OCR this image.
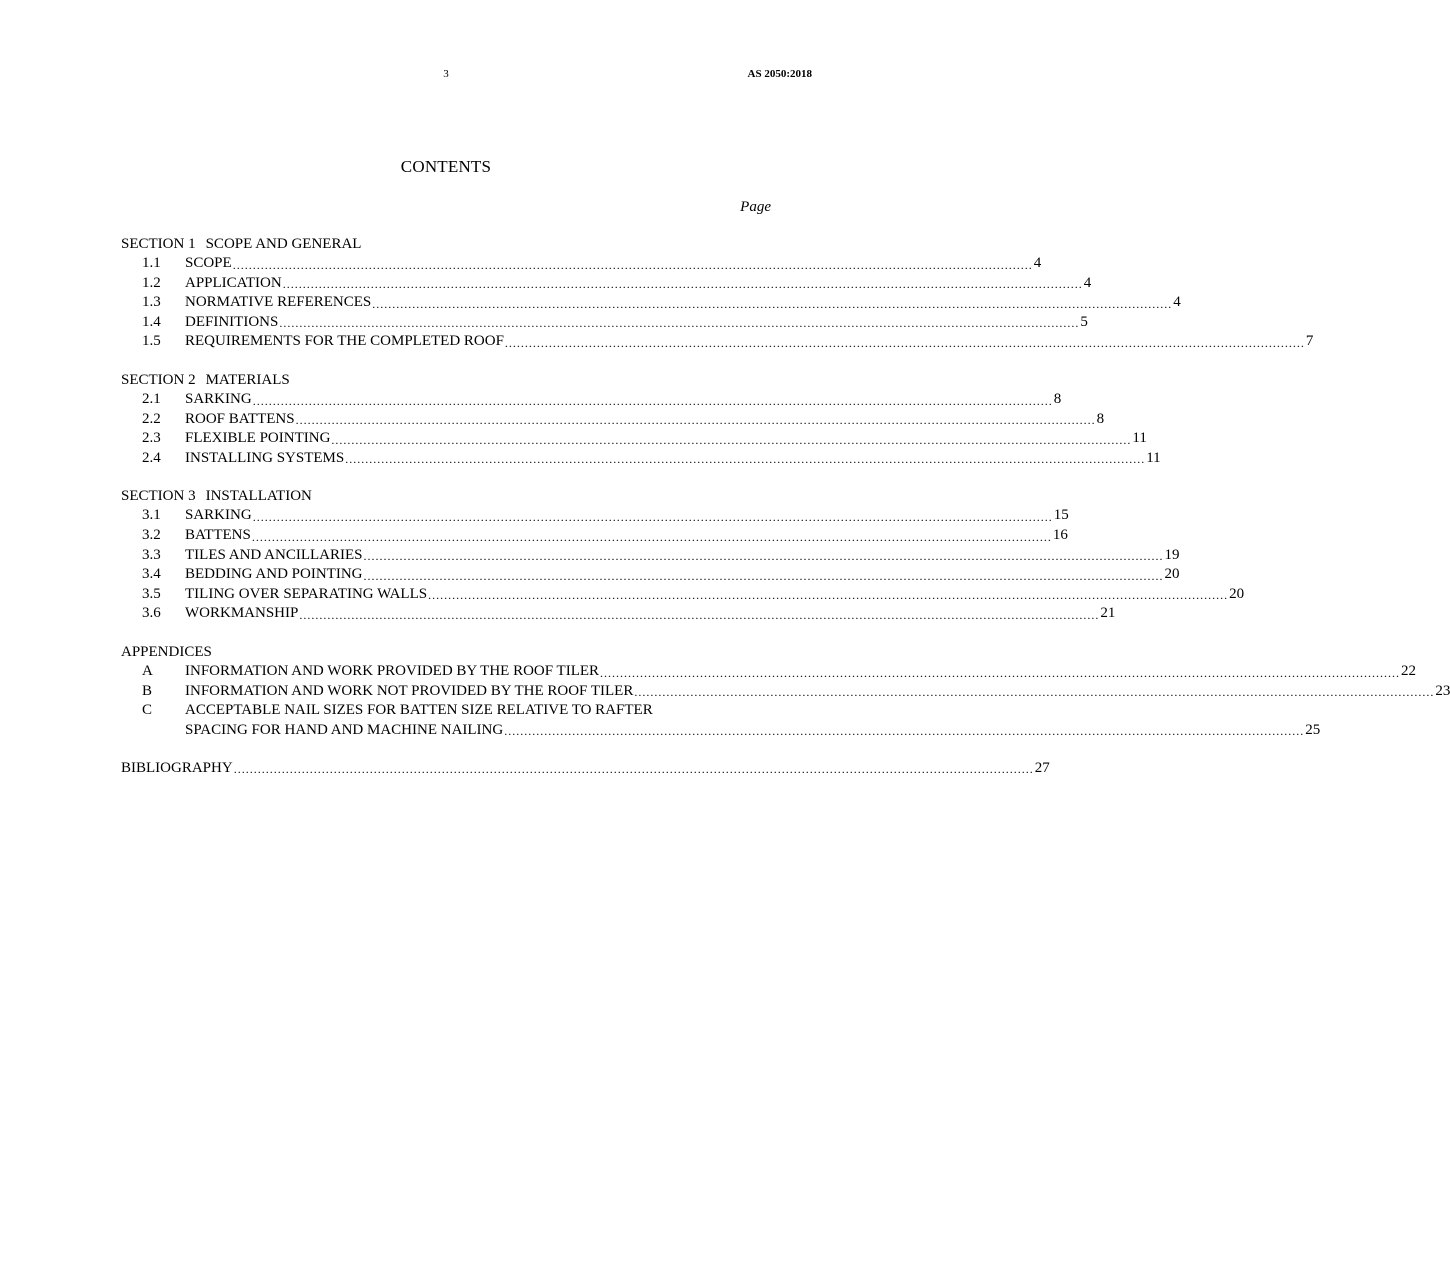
3	AS 2050:2018
CONTENTS
Page
SECTION 1 SCOPE AND GENERAL
1.1	SCOPE ........................................................................................................................................................................................................ 4
1.2	APPLICATION ........................................................................................................................................................................................................ 4
1.3	NORMATIVE REFERENCES ........................................................................................................................................................................................................ 4
1.4	DEFINITIONS ........................................................................................................................................................................................................ 5
1.5	REQUIREMENTS FOR THE COMPLETED ROOF ........................................................................................................................................................................................................ 7
SECTION 2 MATERIALS
2.1	SARKING ........................................................................................................................................................................................................ 8
2.2	ROOF BATTENS ........................................................................................................................................................................................................ 8
2.3	FLEXIBLE POINTING ........................................................................................................................................................................................................ 11
2.4	INSTALLING SYSTEMS ........................................................................................................................................................................................................ 11
SECTION 3 INSTALLATION
3.1	SARKING ........................................................................................................................................................................................................ 15
3.2	BATTENS ........................................................................................................................................................................................................ 16
3.3	TILES AND ANCILLARIES ........................................................................................................................................................................................................ 19
3.4	BEDDING AND POINTING ........................................................................................................................................................................................................ 20
3.5	TILING OVER SEPARATING WALLS ........................................................................................................................................................................................................ 20
3.6	WORKMANSHIP ........................................................................................................................................................................................................ 21
APPENDICES
A	INFORMATION AND WORK PROVIDED BY THE ROOF TILER ........................................................................................................................................................................................................ 22
B	INFORMATION AND WORK NOT PROVIDED BY THE ROOF TILER ........................................................................................................................................................................................................ 23
C	ACCEPTABLE NAIL SIZES FOR BATTEN SIZE RELATIVE TO RAFTER
SPACING FOR HAND AND MACHINE NAILING ........................................................................................................................................................................................................ 25
BIBLIOGRAPHY ........................................................................................................................................................................................................ 27
